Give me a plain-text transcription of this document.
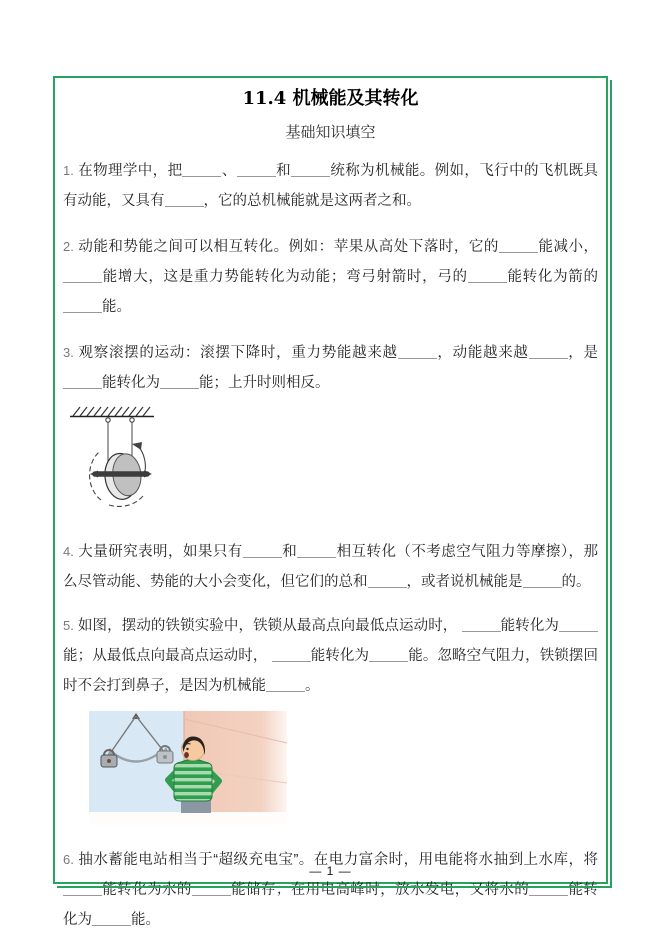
11.4 机械能及其转化
基础知识填空
1. 在物理学中，把	、	和	统称为机械能。例如，飞行中的飞机既具有动能，又具有	，它的总机械能就是这两者之和。
2. 动能和势能之间可以相互转化。例如：苹果从高处下落时，它的	能减小，能增大，这是重力势能转化为动能；弯弓射箭时，弓的	能转化为箭的能。
3. 观察滚摆的运动：滚摆下降时，重力势能越来越	，动能越来越	，是能转化为	能；上升时则相反。
4. 大量研究表明，如果只有	和	相互转化（不考虑空气阻力等摩擦），那么尽管动能、势能的大小会变化，但它们的总和	，或者说机械能是	的。
5. 如图，摆动的铁锁实验中，铁锁从最高点向最低点运动时，	能转化为能；从最低点向最高点运动时，	能转化为	能。忽略空气阻力，铁锁摆回时不会打到鼻子，是因为机械能	。
6. 抽水蓄能电站相当于“超级充电宝”。在电力富余时，用电能将水抽到上水库，将能转化为水的	能储存；在用电高峰时，放水发电，又将水的	能转化为	能。
— 1 —
